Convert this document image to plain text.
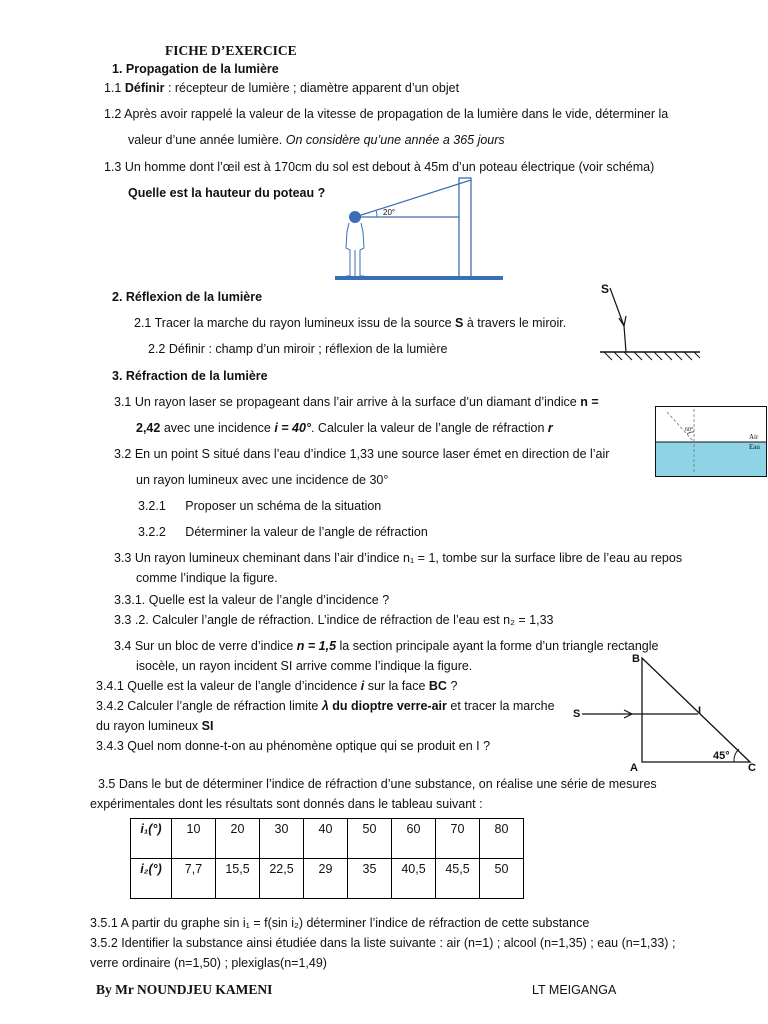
FICHE D’EXERCICE
1. Propagation de la lumière
1.1 Définir : récepteur de lumière ; diamètre apparent d’un objet
1.2 Après avoir rappelé la valeur de la vitesse de propagation de la lumière dans le vide, déterminer la
valeur d’une année lumière. On considère qu’une année a 365 jours
1.3 Un homme dont l’œil est à 170cm du sol est debout à 45m d’un poteau électrique (voir schéma)
Quelle est la hauteur du poteau ?
20°
2. Réflexion de la lumière
2.1 Tracer la marche du rayon lumineux issu de la source S à travers le miroir.
2.2 Définir : champ d’un miroir ; réflexion de la lumière
S
3. Réfraction de la lumière
3.1 Un rayon laser se propageant dans l’air arrive à la surface d’un diamant d’indice n =
2,42 avec une incidence i = 40°. Calculer la valeur de l’angle de réfraction r	60°
Air
Eau
3.2 En un point S situé dans l’eau d’indice 1,33 une source laser émet en direction de l’air
un rayon lumineux avec une incidence de 30°
3.2.1 Proposer un schéma de la situation
3.2.2 Déterminer la valeur de l’angle de réfraction
3.3 Un rayon lumineux cheminant dans l’air d’indice n₁ = 1, tombe sur la surface libre de l’eau au repos
comme l’indique la figure.
3.3.1. Quelle est la valeur de l’angle d’incidence ?
3.3 .2. Calculer l’angle de réfraction. L’indice de réfraction de l’eau est n₂ = 1,33
3.4 Sur un bloc de verre d’indice n = 1,5 la section principale ayant la forme d’un triangle rectangle
isocèle, un rayon incident SI arrive comme l’indique la figure.
3.4.1 Quelle est la valeur de l’angle d’incidence i sur la face BC ?
3.4.2 Calculer l’angle de réfraction limite λ du dioptre verre-air et tracer la marche
du rayon lumineux SI
3.4.3 Quel nom donne-t-on au phénomène optique qui se produit en I ?
B
A	C
S	I
45°
3.5 Dans le but de déterminer l’indice de réfraction d’une substance, on réalise une série de mesures
expérimentales dont les résultats sont donnés dans le tableau suivant :
i₁(°)	10	20	30	40	50	60	70	80

i₂(°)	7,7	15,5	22,5	29	35	40,5	45,5	50
3.5.1 A partir du graphe sin i₁ = f(sin i₂) déterminer l’indice de réfraction de cette substance
3.5.2 Identifier la substance ainsi étudiée dans la liste suivante : air (n=1) ; alcool (n=1,35) ; eau (n=1,33) ;
verre ordinaire (n=1,50) ; plexiglas(n=1,49)
By Mr NOUNDJEU KAMENI	LT MEIGANGA
